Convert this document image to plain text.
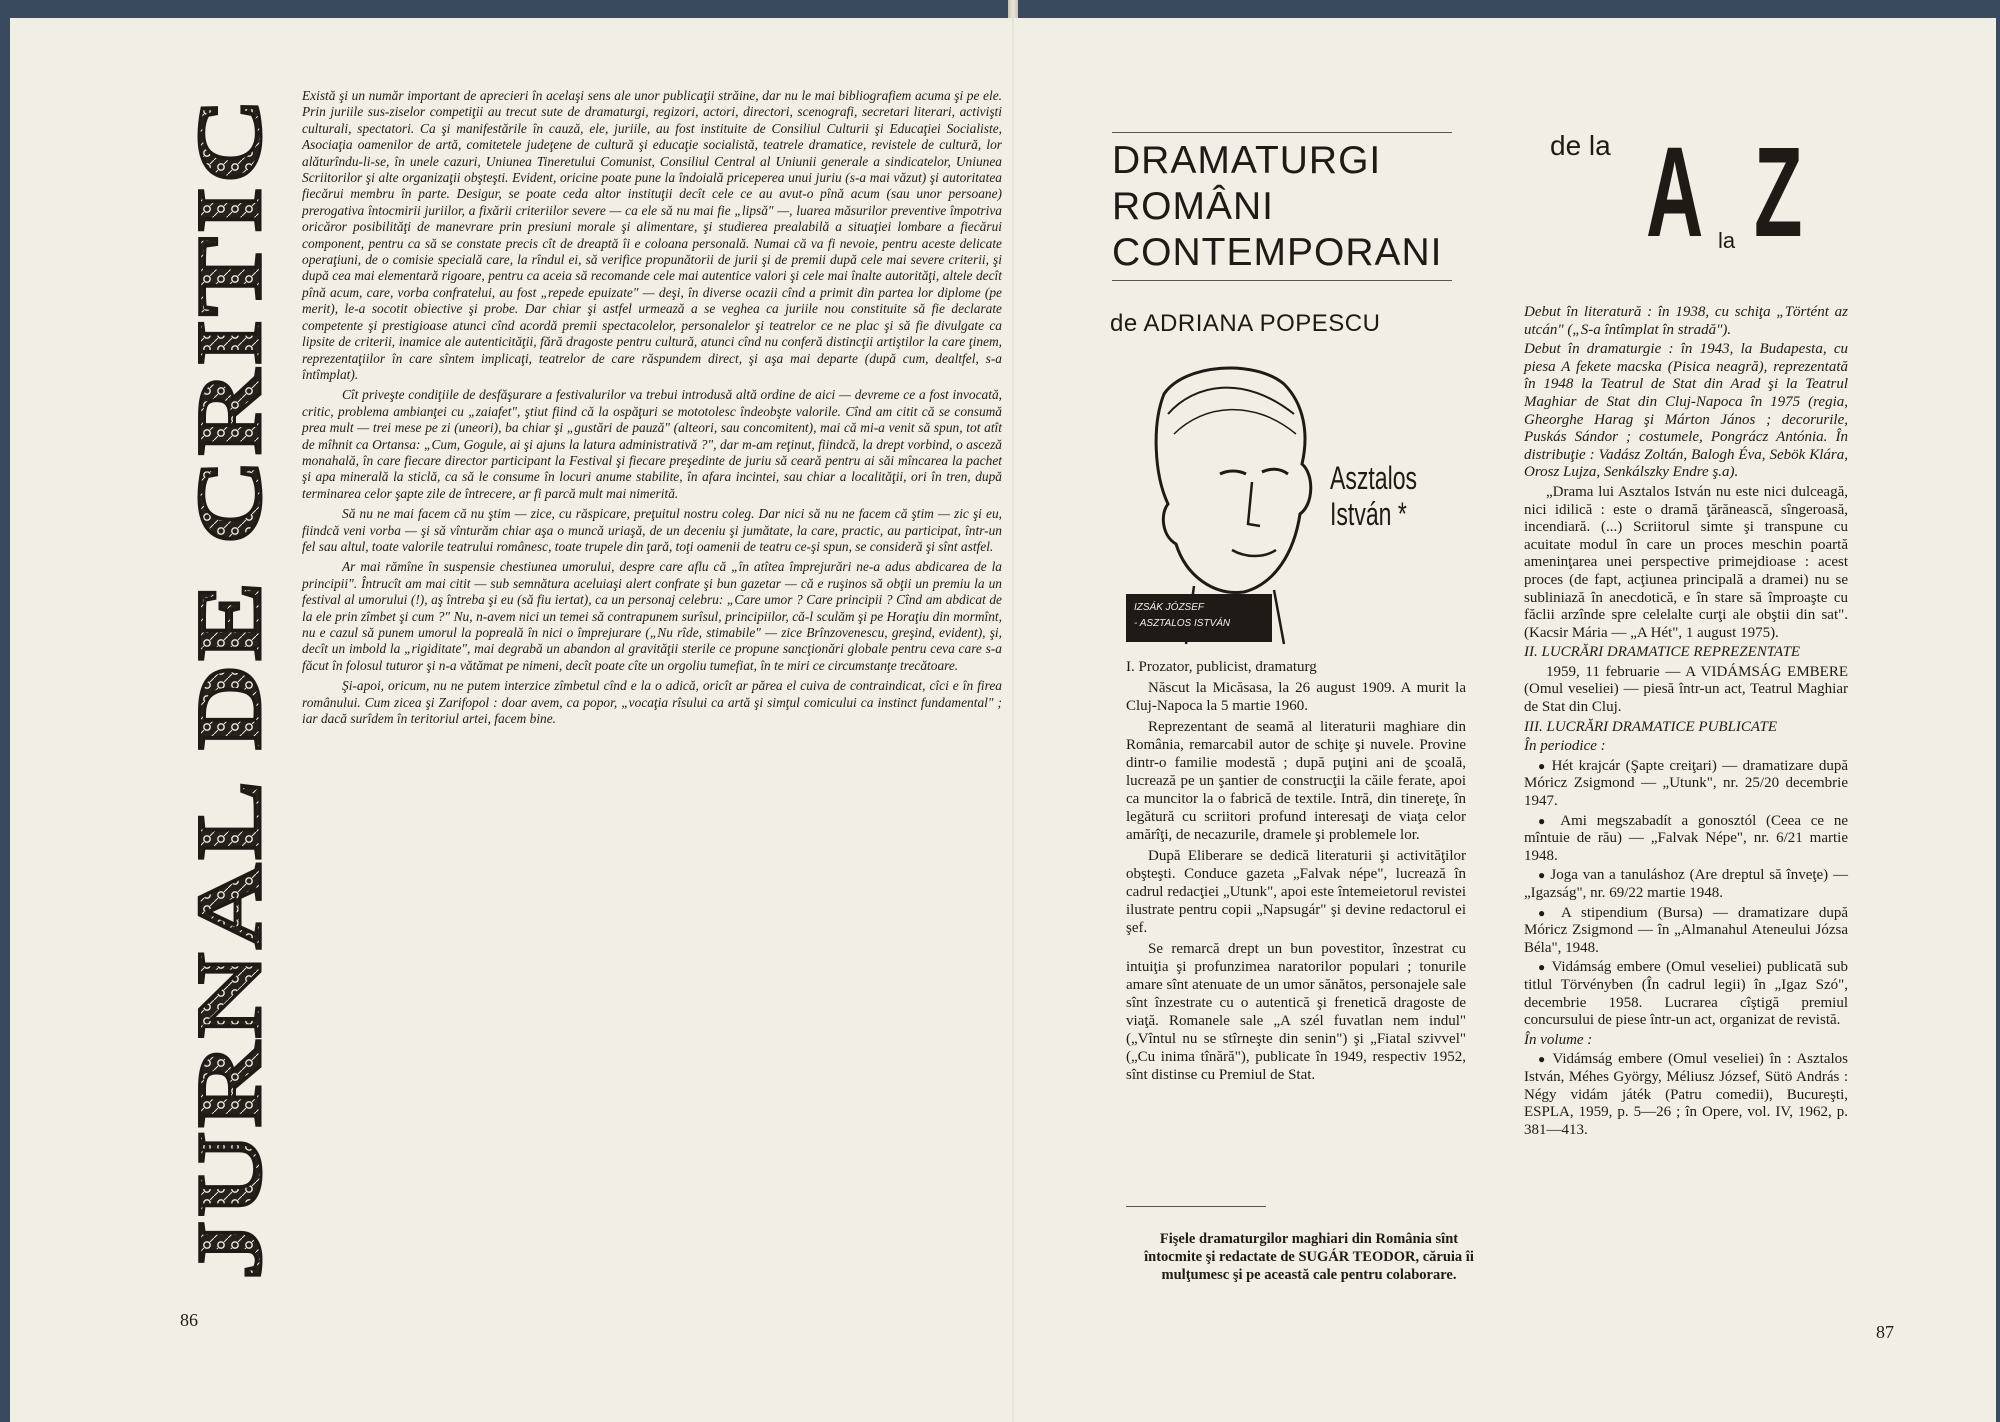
JURNAL DE CRITIC

Există şi un număr important de aprecieri în acelaşi sens ale unor publicaţii străine, dar nu le mai bibliografiem acuma şi pe ele. Prin juriile sus-ziselor competiţii au trecut sute de dramaturgi, regizori, actori, directori, scenografi, secretari literari, activişti culturali, spectatori. Ca şi manifestările în cauză, ele, juriile, au fost instituite de Consiliul Culturii şi Educaţiei Socialiste, Asociaţia oamenilor de artă, comitetele judeţene de cultură şi educaţie socialistă, teatrele dramatice, revistele de cultură, lor alăturîndu-li-se, în unele cazuri, Uniunea Tineretului Comunist, Consiliul Central al Uniunii generale a sindicatelor, Uniunea Scriitorilor şi alte organizaţii obşteşti. Evident, oricine poate pune la îndoială priceperea unui juriu (s-a mai văzut) şi autoritatea fiecărui membru în parte. Desigur, se poate ceda altor instituţii decît cele ce au avut-o pînă acum (sau unor persoane) prerogativa întocmirii juriilor, a fixării criteriilor severe — ca ele să nu mai fie „lipsă" —, luarea măsurilor preventive împotriva oricăror posibilităţi de manevrare prin presiuni morale şi alimentare, şi studierea prealabilă a situaţiei lombare a fiecărui component, pentru ca să se constate precis cît de dreaptă îi e coloana personală. Numai că va fi nevoie, pentru aceste delicate operaţiuni, de o comisie specială care, la rîndul ei, să verifice propunătorii de jurii şi de premii după cele mai severe criterii, şi după cea mai elementară rigoare, pentru ca aceia să recomande cele mai autentice valori şi cele mai înalte autorităţi, altele decît pînă acum, care, vorba confratelui, au fost „repede epuizate" — deşi, în diverse ocazii cînd a primit din partea lor diplome (pe merit), le-a socotit obiective şi probe. Dar chiar şi astfel urmează a se veghea ca juriile nou constituite să fie declarate competente şi prestigioase atunci cînd acordă premii spectacolelor, personalelor şi teatrelor ce ne plac şi să fie divulgate ca lipsite de criterii, inamice ale autenticităţii, fără dragoste pentru cultură, atunci cînd nu conferă distincţii artiştilor la care ţinem, reprezentaţiilor în care sîntem implicaţi, teatrelor de care răspundem direct, şi aşa mai departe (după cum, dealtfel, s-a întîmplat).

Cît priveşte condiţiile de desfăşurare a festivalurilor va trebui introdusă altă ordine de aici — devreme ce a fost invocată, critic, problema ambianţei cu „zaiafet", ştiut fiind că la ospăţuri se mototolesc îndeobşte valorile. Cînd am citit că se consumă prea mult — trei mese pe zi (uneori), ba chiar şi „gustări de pauză" (alteori, sau concomitent), mai că mi-a venit să spun, tot atît de mîhnit ca Ortansa: „Cum, Gogule, ai şi ajuns la latura administrativă ?", dar m-am reţinut, fiindcă, la drept vorbind, o asceză monahală, în care fiecare director participant la Festival şi fiecare preşedinte de juriu să ceară pentru ai săi mîncarea la pachet şi apa minerală la sticlă, ca să le consume în locuri anume stabilite, în afara incintei, sau chiar a localităţii, ori în tren, după terminarea celor şapte zile de întrecere, ar fi parcă mult mai nimerită.

Să nu ne mai facem că nu ştim — zice, cu răspicare, preţuitul nostru coleg. Dar nici să nu ne facem că ştim — zic şi eu, fiindcă veni vorba — şi să vînturăm chiar aşa o muncă uriaşă, de un deceniu şi jumătate, la care, practic, au participat, într-un fel sau altul, toate valorile teatrului românesc, toate trupele din ţară, toţi oamenii de teatru ce-şi spun, se consideră şi sînt astfel.

Ar mai rămîne în suspensie chestiunea umorului, despre care aflu că „în atîtea împrejurări ne-a adus abdicarea de la principii". Întrucît am mai citit — sub semnătura aceluiaşi alert confrate şi bun gazetar — că e ruşinos să obţii un premiu la un festival al umorului (!), aş întreba şi eu (să fiu iertat), ca un personaj celebru: „Care umor ? Care principii ? Cînd am abdicat de la ele prin zîmbet şi cum ?" Nu, n-avem nici un temei să contrapunem surîsul, principiilor, că-l sculăm şi pe Horaţiu din mormînt, nu e cazul să punem umorul la popreală în nici o împrejurare („Nu rîde, stimabile" — zice Brînzovenescu, greşind, evident), şi, decît un imbold la „rigiditate", mai degrabă un abandon al gravităţii sterile ce propune sancţionări globale pentru ceva care s-a făcut în folosul tuturor şi n-a vătămat pe nimeni, decît poate cîte un orgoliu tumefiat, în te miri ce circumstanţe trecătoare.

Şi-apoi, oricum, nu ne putem interzice zîmbetul cînd e la o adică, oricît ar părea el cuiva de contraindicat, cîci e în firea românului. Cum zicea şi Zarifopol : doar avem, ca popor, „vocaţia rîsului ca artă şi simţul comicului ca instinct fundamental" ; iar dacă surîdem în teritoriul artei, facem bine.

86
DRAMATURGI
ROMÂNI
CONTEMPORANI
de ADRIANA POPESCU
IZSÁK JÓZSEF
- ASZTALOS ISTVÁN
Asztalos
István *

I. Prozator, publicist, dramaturg

Născut la Micăsasa, la 26 august 1909. A murit la Cluj-Napoca la 5 martie 1960.

Reprezentant de seamă al literaturii maghiare din România, remarcabil autor de schiţe şi nuvele. Provine dintr-o familie modestă ; după puţini ani de şcoală, lucrează pe un şantier de construcţii la căile ferate, apoi ca muncitor la o fabrică de textile. Intră, din tinereţe, în legătură cu scriitori profund interesaţi de viaţa celor amărîţi, de necazurile, dramele şi problemele lor.

După Eliberare se dedică literaturii şi activităţilor obşteşti. Conduce gazeta „Falvak népe", lucrează în cadrul redacţiei „Utunk", apoi este întemeietorul revistei ilustrate pentru copii „Napsugár" şi devine redactorul ei şef.

Se remarcă drept un bun povestitor, înzestrat cu intuiţia şi profunzimea naratorilor populari ; tonurile amare sînt atenuate de un umor sănătos, personajele sale sînt înzestrate cu o autentică şi frenetică dragoste de viaţă. Romanele sale „A szél fuvatlan nem indul" („Vîntul nu se stîrneşte din senin") şi „Fiatal szivvel" („Cu inima tînără"), publicate în 1949, respectiv 1952, sînt distinse cu Premiul de Stat.

Fişele dramaturgilor maghiari din România sînt întocmite şi redactate de SUGÁR TEODOR, căruia îi mulţumesc şi pe această cale pentru colaborare.
de la A la Z

Debut în literatură : în 1938, cu schiţa „Történt az utcán" („S-a întîmplat în stradă").

Debut în dramaturgie : în 1943, la Budapesta, cu piesa A fekete macska (Pisica neagră), reprezentată în 1948 la Teatrul de Stat din Arad şi la Teatrul Maghiar de Stat din Cluj-Napoca în 1975 (regia, Gheorghe Harag şi Márton János ; decorurile, Puskás Sándor ; costumele, Pongrácz Antónia. În distribuţie : Vadász Zoltán, Balogh Éva, Sebök Klára, Orosz Lujza, Senkálszky Endre ş.a).

„Drama lui Asztalos István nu este nici dulceagă, nici idilică : este o dramă ţărănească, sîngeroasă, incendiară. (...) Scriitorul simte şi transpune cu acuitate modul în care un proces meschin poartă ameninţarea unei perspective primejdioase : acest proces (de fapt, acţiunea principală a dramei) nu se subliniază în anecdotică, e în stare să împroaşte cu făclii arzînde spre celelalte curţi ale obştii din sat". (Kacsir Mária — „A Hét", 1 august 1975).

II. LUCRĂRI DRAMATICE REPREZENTATE

1959, 11 februarie — A VIDÁMSÁG EMBERE (Omul veseliei) — piesă într-un act, Teatrul Maghiar de Stat din Cluj.

III. LUCRĂRI DRAMATICE PUBLICATE

În periodice :

● Hét krajcár (Şapte creiţari) — dramatizare după Móricz Zsigmond — „Utunk", nr. 25/20 decembrie 1947.

● Ami megszabadít a gonosztól (Ceea ce ne mîntuie de rău) — „Falvak Népe", nr. 6/21 martie 1948.

● Joga van a tanuláshoz (Are dreptul să înveţe) — „Igazság", nr. 69/22 martie 1948.

● A stipendium (Bursa) — dramatizare după Móricz Zsigmond — în „Almanahul Ateneului Józsa Béla", 1948.

● Vidámság embere (Omul veseliei) publicată sub titlul Törvényben (În cadrul legii) în „Igaz Szó", decembrie 1958. Lucrarea cîştigă premiul concursului de piese într-un act, organizat de revistă.

În volume :

● Vidámság embere (Omul veseliei) în : Asztalos István, Méhes György, Méliusz József, Sütö András : Négy vidám játék (Patru comedii), Bucureşti, ESPLA, 1959, p. 5—26 ; în Opere, vol. IV, 1962, p. 381—413.

87
